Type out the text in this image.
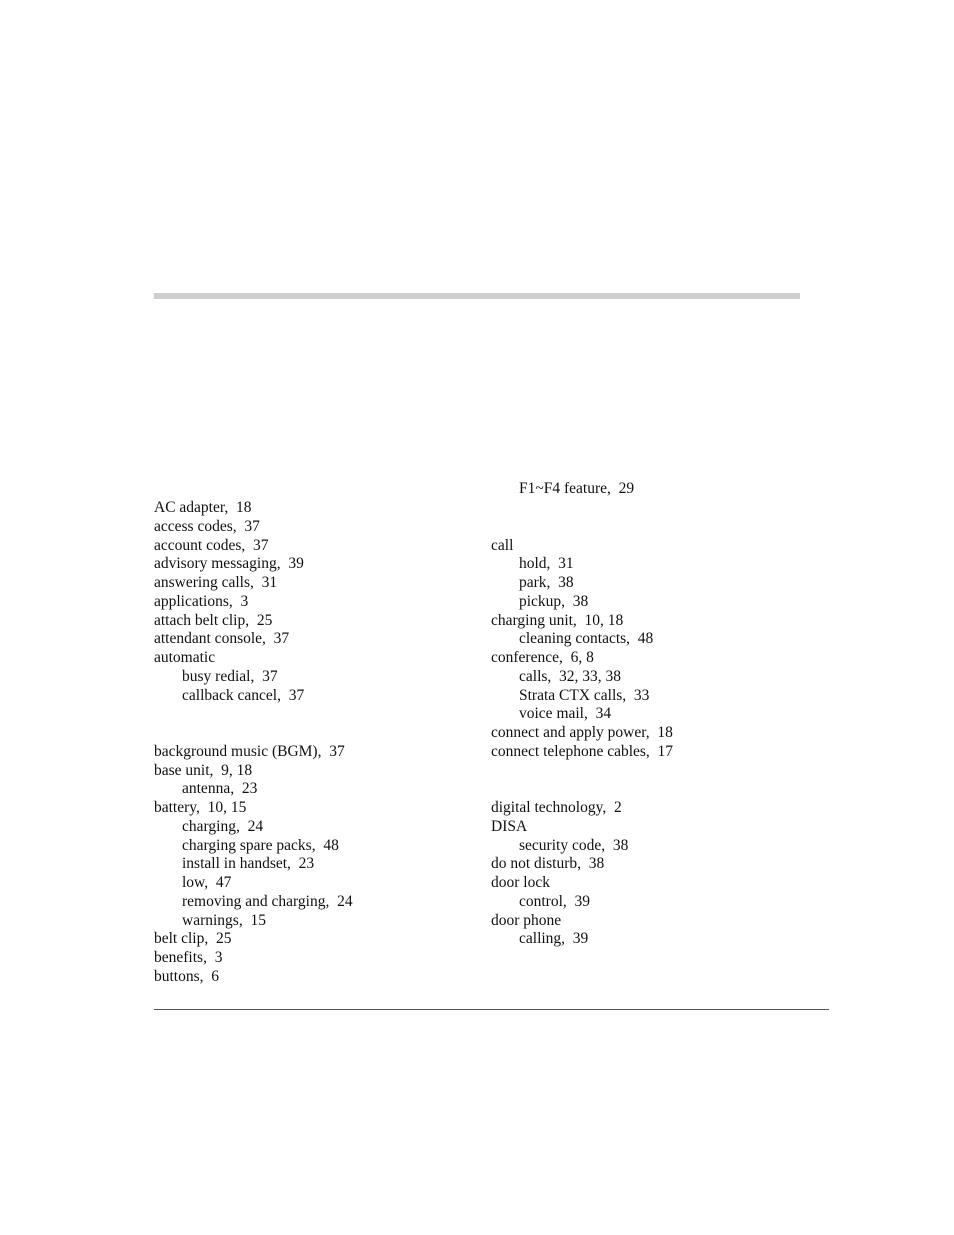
AC adapter,  18
access codes,  37
account codes,  37
advisory messaging,  39
answering calls,  31
applications,  3
attach belt clip,  25
attendant console,  37
automatic
busy redial,  37
callback cancel,  37
background music (BGM),  37
base unit,  9, 18
antenna,  23
battery,  10, 15
charging,  24
charging spare packs,  48
install in handset,  23
low,  47
removing and charging,  24
warnings,  15
belt clip,  25
benefits,  3
buttons,  6
F1~F4 feature,  29
call
hold,  31
park,  38
pickup,  38
charging unit,  10, 18
cleaning contacts,  48
conference,  6, 8
calls,  32, 33, 38
Strata CTX calls,  33
voice mail,  34
connect and apply power,  18
connect telephone cables,  17
digital technology,  2
DISA
security code,  38
do not disturb,  38
door lock
control,  39
door phone
calling,  39
